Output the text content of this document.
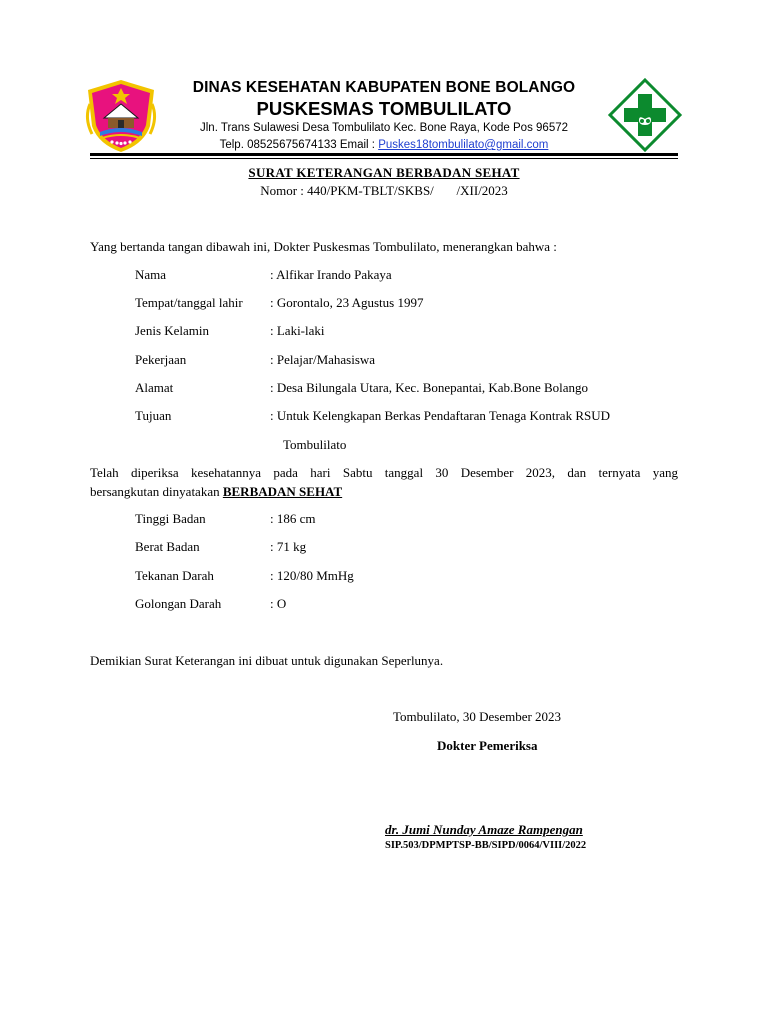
DINAS KESEHATAN KABUPATEN BONE BOLANGO
PUSKESMAS TOMBULILATO
Jln. Trans Sulawesi Desa Tombulilato Kec. Bone Raya, Kode Pos 96572
Telp. 08525675674133 Email : Puskes18tombulilato@gmail.com
SURAT KETERANGAN BERBADAN SEHAT
Nomor : 440/PKM-TBLT/SKBS/       /XII/2023
Yang bertanda tangan dibawah ini, Dokter Puskesmas Tombulilato, menerangkan bahwa :
Nama	: Alfikar Irando Pakaya
Tempat/tanggal lahir : Gorontalo, 23 Agustus 1997
Jenis Kelamin	: Laki-laki
Pekerjaan	: Pelajar/Mahasiswa
Alamat	: Desa Bilungala Utara, Kec. Bonepantai, Kab.Bone Bolango
Tujuan	: Untuk Kelengkapan Berkas Pendaftaran Tenaga Kontrak RSUD
Tombulilato
Telah diperiksa kesehatannya pada hari Sabtu tanggal 30 Desember 2023, dan ternyata yang
bersangkutan dinyatakan BERBADAN SEHAT
Tinggi Badan	: 186 cm
Berat Badan	: 71 kg
Tekanan Darah	: 120/80 MmHg
Golongan Darah	: O
Demikian Surat Keterangan ini dibuat untuk digunakan Seperlunya.
Tombulilato, 30 Desember 2023
Dokter Pemeriksa
dr. Jumi Nunday Amaze Rampengan
SIP.503/DPMPTSP-BB/SIPD/0064/VIII/2022
